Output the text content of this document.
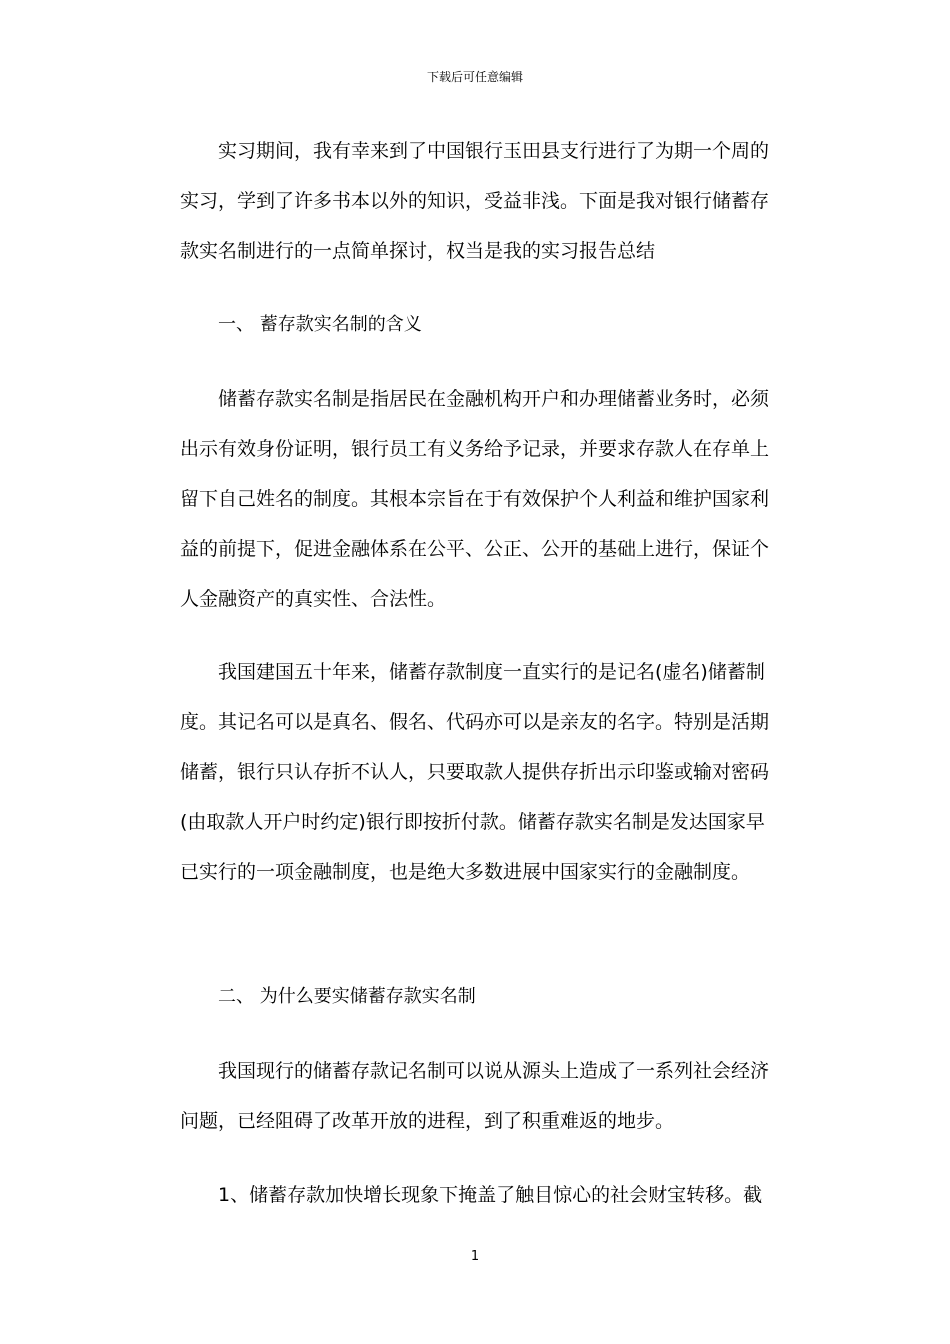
下载后可任意编辑

实习期间，我有幸来到了中国银行玉田县支行进行了为期一个周的实习，学到了许多书本以外的知识，受益非浅。下面是我对银行储蓄存款实名制进行的一点简单探讨，权当是我的实习报告总结

一、 蓄存款实名制的含义

储蓄存款实名制是指居民在金融机构开户和办理储蓄业务时，必须出示有效身份证明，银行员工有义务给予记录，并要求存款人在存单上留下自己姓名的制度。其根本宗旨在于有效保护个人利益和维护国家利益的前提下，促进金融体系在公平、公正、公开的基础上进行，保证个人金融资产的真实性、合法性。

我国建国五十年来，储蓄存款制度一直实行的是记名(虚名)储蓄制度。其记名可以是真名、假名、代码亦可以是亲友的名字。特别是活期储蓄，银行只认存折不认人，只要取款人提供存折出示印鉴或输对密码(由取款人开户时约定)银行即按折付款。储蓄存款实名制是发达国家早已实行的一项金融制度，也是绝大多数进展中国家实行的金融制度。

二、 为什么要实储蓄存款实名制

我国现行的储蓄存款记名制可以说从源头上造成了一系列社会经济问题，已经阻碍了改革开放的进程，到了积重难返的地步。

1、储蓄存款加快增长现象下掩盖了触目惊心的社会财宝转移。截

1
